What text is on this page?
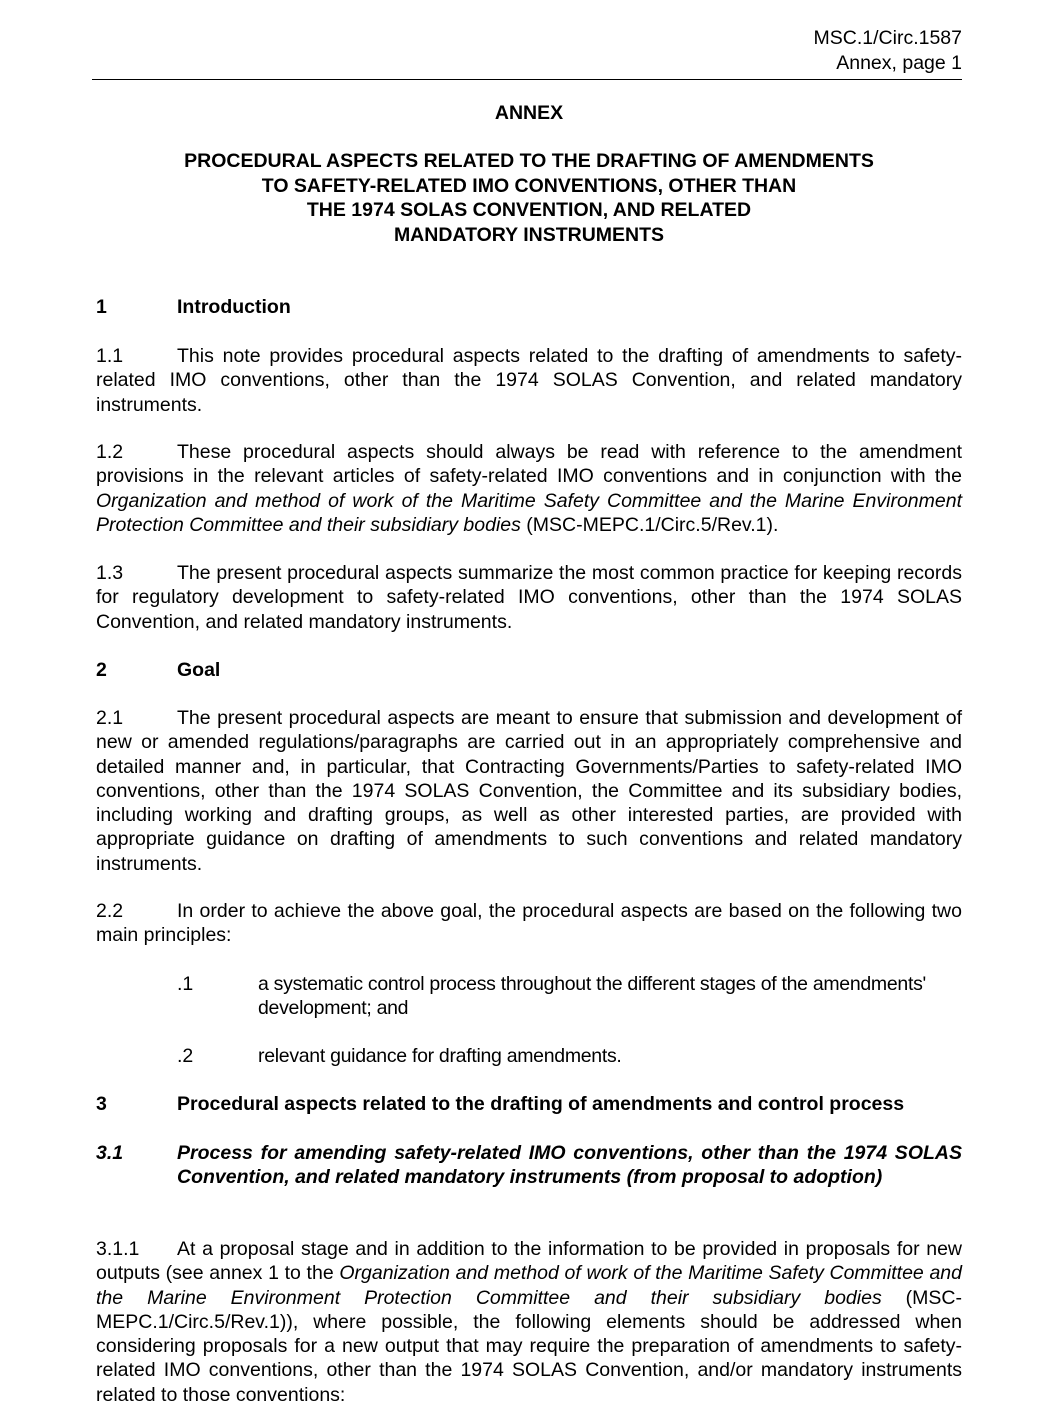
MSC.1/Circ.1587
Annex, page 1
ANNEX
PROCEDURAL ASPECTS RELATED TO THE DRAFTING OF AMENDMENTS
TO SAFETY-RELATED IMO CONVENTIONS, OTHER THAN
THE 1974 SOLAS CONVENTION, AND RELATED
MANDATORY INSTRUMENTS
1	Introduction
1.1	This note provides procedural aspects related to the drafting of amendments to safety-related IMO conventions, other than the 1974 SOLAS Convention, and related mandatory instruments.
1.2	These procedural aspects should always be read with reference to the amendment provisions in the relevant articles of safety-related IMO conventions and in conjunction with the Organization and method of work of the Maritime Safety Committee and the Marine Environment Protection Committee and their subsidiary bodies (MSC-MEPC.1/Circ.5/Rev.1).
1.3	The present procedural aspects summarize the most common practice for keeping records for regulatory development to safety-related IMO conventions, other than the 1974 SOLAS Convention, and related mandatory instruments.
2	Goal
2.1	The present procedural aspects are meant to ensure that submission and development of new or amended regulations/paragraphs are carried out in an appropriately comprehensive and detailed manner and, in particular, that Contracting Governments/Parties to safety-related IMO conventions, other than the 1974 SOLAS Convention, the Committee and its subsidiary bodies, including working and drafting groups, as well as other interested parties, are provided with appropriate guidance on drafting of amendments to such conventions and related mandatory instruments.
2.2	In order to achieve the above goal, the procedural aspects are based on the following two main principles:
.1	a systematic control process throughout the different stages of the amendments' development; and
.2	relevant guidance for drafting amendments.
3	Procedural aspects related to the drafting of amendments and control process
3.1	Process for amending safety-related IMO conventions, other than the 1974 SOLAS Convention, and related mandatory instruments (from proposal to adoption)
3.1.1 At a proposal stage and in addition to the information to be provided in proposals for new outputs (see annex 1 to the Organization and method of work of the Maritime Safety Committee and the Marine Environment Protection Committee and their subsidiary bodies (MSC-MEPC.1/Circ.5/Rev.1)), where possible, the following elements should be addressed when considering proposals for a new output that may require the preparation of amendments to safety-related IMO conventions, other than the 1974 SOLAS Convention, and/or mandatory instruments related to those conventions:
